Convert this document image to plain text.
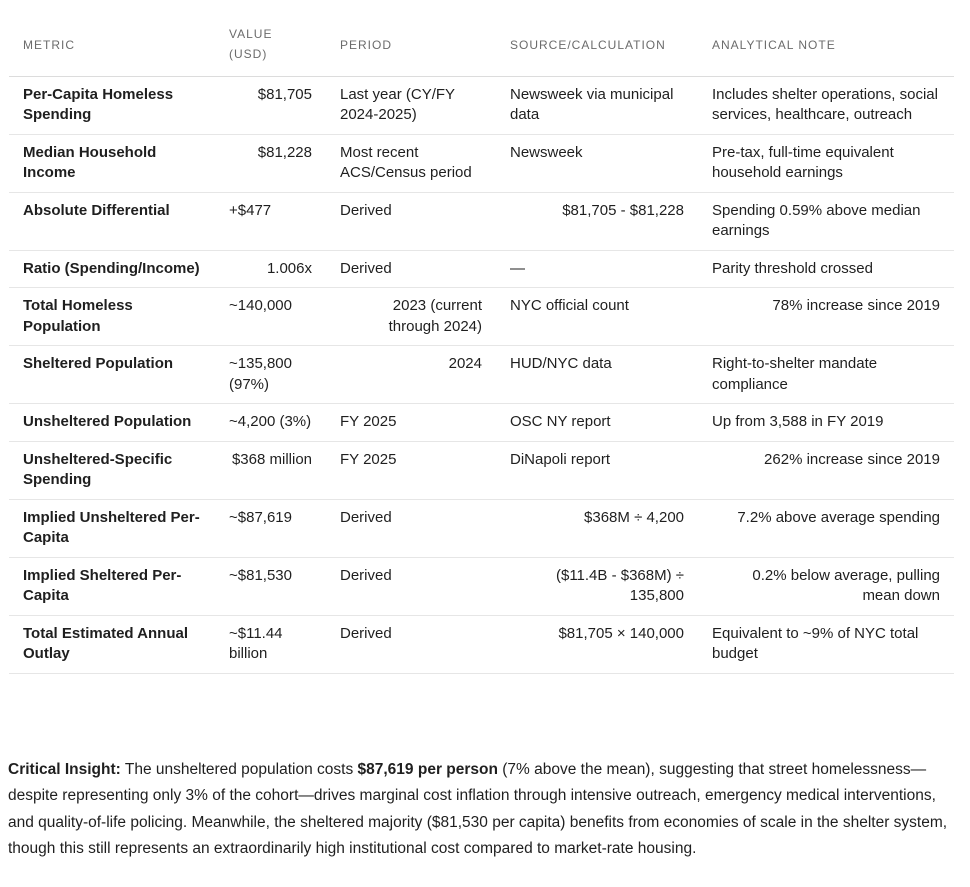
METRIC	VALUE (USD)	PERIOD	SOURCE/CALCULATION	ANALYTICAL NOTE
Per-Capita Homeless Spending	$81,705	Last year (CY/FY 2024-2025)	Newsweek via municipal data	Includes shelter operations, social services, healthcare, outreach
Median Household Income	$81,228	Most recent ACS/Census period	Newsweek	Pre-tax, full-time equivalent household earnings
Absolute Differential	+$477	Derived	$81,705 - $81,228	Spending 0.59% above median earnings
Ratio (Spending/Income)	1.006x	Derived	—	Parity threshold crossed
Total Homeless Population	~140,000	2023 (current through 2024)	NYC official count	78% increase since 2019
Sheltered Population	~135,800 (97%)	2024	HUD/NYC data	Right-to-shelter mandate compliance
Unsheltered Population	~4,200 (3%)	FY 2025	OSC NY report	Up from 3,588 in FY 2019
Unsheltered-Specific Spending	$368 million	FY 2025	DiNapoli report	262% increase since 2019
Implied Unsheltered Per-Capita	~$87,619	Derived	$368M ÷ 4,200	7.2% above average spending
Implied Sheltered Per-Capita	~$81,530	Derived	($11.4B - $368M) ÷ 135,800	0.2% below average, pulling mean down
Total Estimated Annual Outlay	~$11.44 billion	Derived	$81,705 × 140,000	Equivalent to ~9% of NYC total budget

Critical Insight: The unsheltered population costs $87,619 per person (7% above the mean), suggesting that street homelessness—despite representing only 3% of the cohort—drives marginal cost inflation through intensive outreach, emergency medical interventions, and quality-of-life policing. Meanwhile, the sheltered majority ($81,530 per capita) benefits from economies of scale in the shelter system, though this still represents an extraordinarily high institutional cost compared to market-rate housing.
